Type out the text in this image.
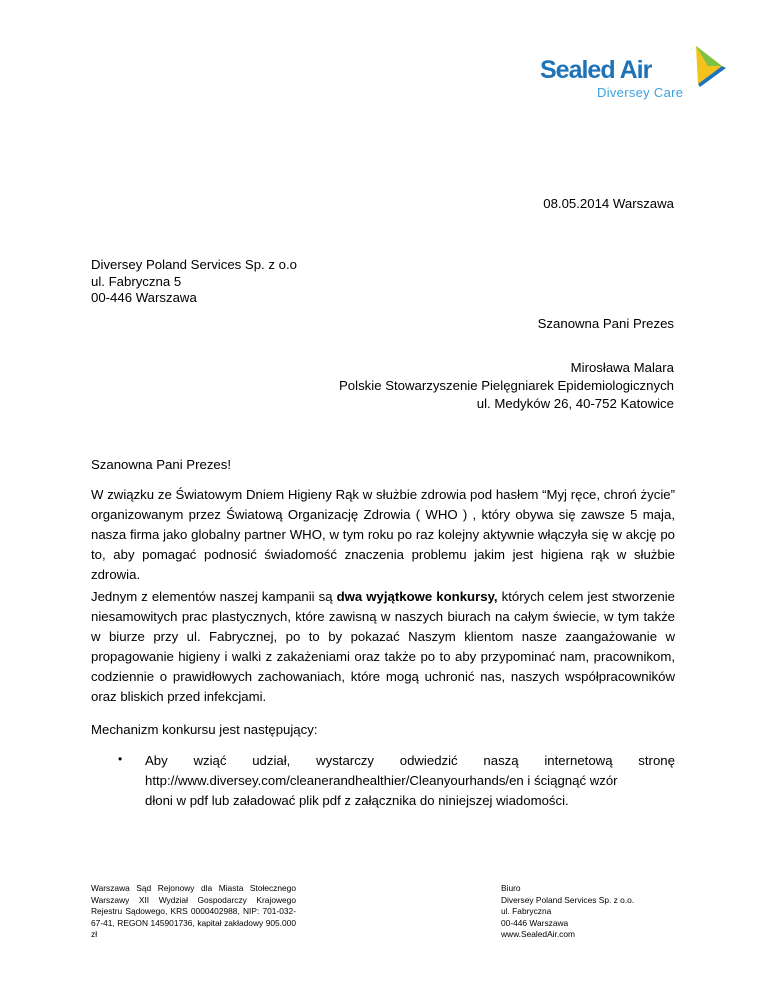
Sealed Air
Diversey Care
08.05.2014 Warszawa
Diversey Poland Services Sp. z o.o
ul. Fabryczna 5
00-446 Warszawa
Szanowna Pani Prezes
Mirosława Malara
Polskie Stowarzyszenie Pielęgniarek Epidemiologicznych
ul. Medyków 26, 40-752 Katowice
Szanowna Pani Prezes!
W związku ze Światowym Dniem Higieny Rąk w służbie zdrowia pod hasłem “Myj ręce, chroń życie” organizowanym przez Światową Organizację Zdrowia ( WHO ) , który obywa się zawsze 5 maja, nasza firma jako globalny partner WHO, w tym roku po raz kolejny aktywnie włączyła się w akcję po to, aby pomagać podnosić świadomość znaczenia problemu jakim jest higiena rąk w służbie zdrowia.
Jednym z elementów naszej kampanii są dwa wyjątkowe konkursy, których celem jest stworzenie niesamowitych prac plastycznych, które zawisną w naszych biurach na całym świecie, w tym także w biurze przy ul. Fabrycznej, po to by pokazać Naszym klientom nasze zaangażowanie w propagowanie higieny i walki z zakażeniami oraz także po to aby przypominać nam, pracownikom, codziennie o prawidłowych zachowaniach, które mogą uchronić nas, naszych współpracowników oraz bliskich przed infekcjami.
Mechanizm konkursu jest następujący:
• Aby wziąć udział, wystarczy odwiedzić naszą internetową stronę
http://www.diversey.com/cleanerandhealthier/Cleanyourhands/en i ściągnąć wzór
dłoni w pdf lub załadować plik pdf z załącznika do niniejszej wiadomości.
Warszawa Sąd Rejonowy dla Miasta Stołecznego Warszawy XII Wydział Gospodarczy Krajowego Rejestru Sądowego, KRS 0000402988, NIP: 701-032-67-41, REGON 145901736, kapitał zakładowy 905.000 zł
Biuro
Diversey Poland Services Sp. z o.o.
ul. Fabryczna
00-446 Warszawa
www.SealedAir.com
